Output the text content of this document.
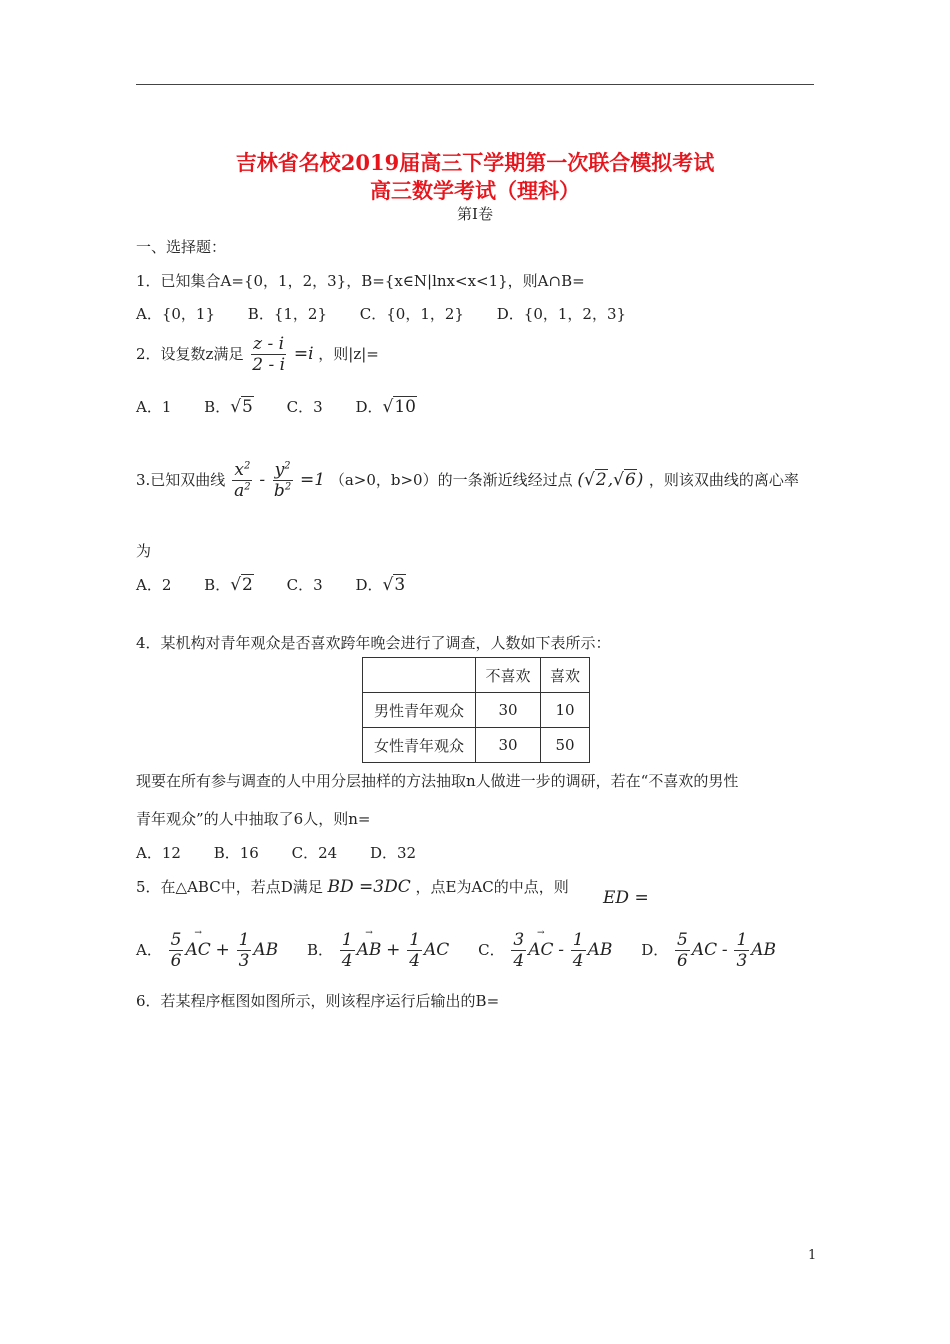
吉林省名校2019届高三下学期第一次联合模拟考试
高三数学考试（理科）
第Ⅰ卷
一、选择题：
1．已知集合A={0，1，2，3}，B={x∈N|lnx<x<1}，则A∩B=
A．{0，1} B．{1，2} C．{0，1，2} D．{0，1，2，3}
2．设复数z满足 $\frac{z - i}{2 - i} =i$ ，则|z|=
A．1 B．√5 C．3 D．√10
3.已知双曲线 $\frac{x^2}{a^2} - \frac{y^2}{b^2} =1$ （a>0，b>0）的一条渐近线经过点 (√2,√6) ，则该双曲线的离心率
为
A．2 B．√2 C．3 D．√3
4．某机构对青年观众是否喜欢跨年晚会进行了调查，人数如下表所示：
	不喜欢	喜欢
男性青年观众	30	10
女性青年观众	30	50
现要在所有参与调查的人中用分层抽样的方法抽取n人做进一步的调研，若在“不喜欢的男性
青年观众”的人中抽取了6人，则n=
A．12 B．16 C．24 D．32
5．在△ABC中，若点D满足 BD =3DC ，点E为AC的中点，则
ED =
A． $\frac{5}{6}$ → AC + $\frac{1}{3}$ AB B． $\frac{1}{4}$ → AB + $\frac{1}{4}$ AC C． $\frac{3}{4}$ → AC - $\frac{1}{4}$ AB D． $\frac{5}{6}$ AC - $\frac{1}{3}$ AB
6．若某程序框图如图所示，则该程序运行后输出的B=
1
